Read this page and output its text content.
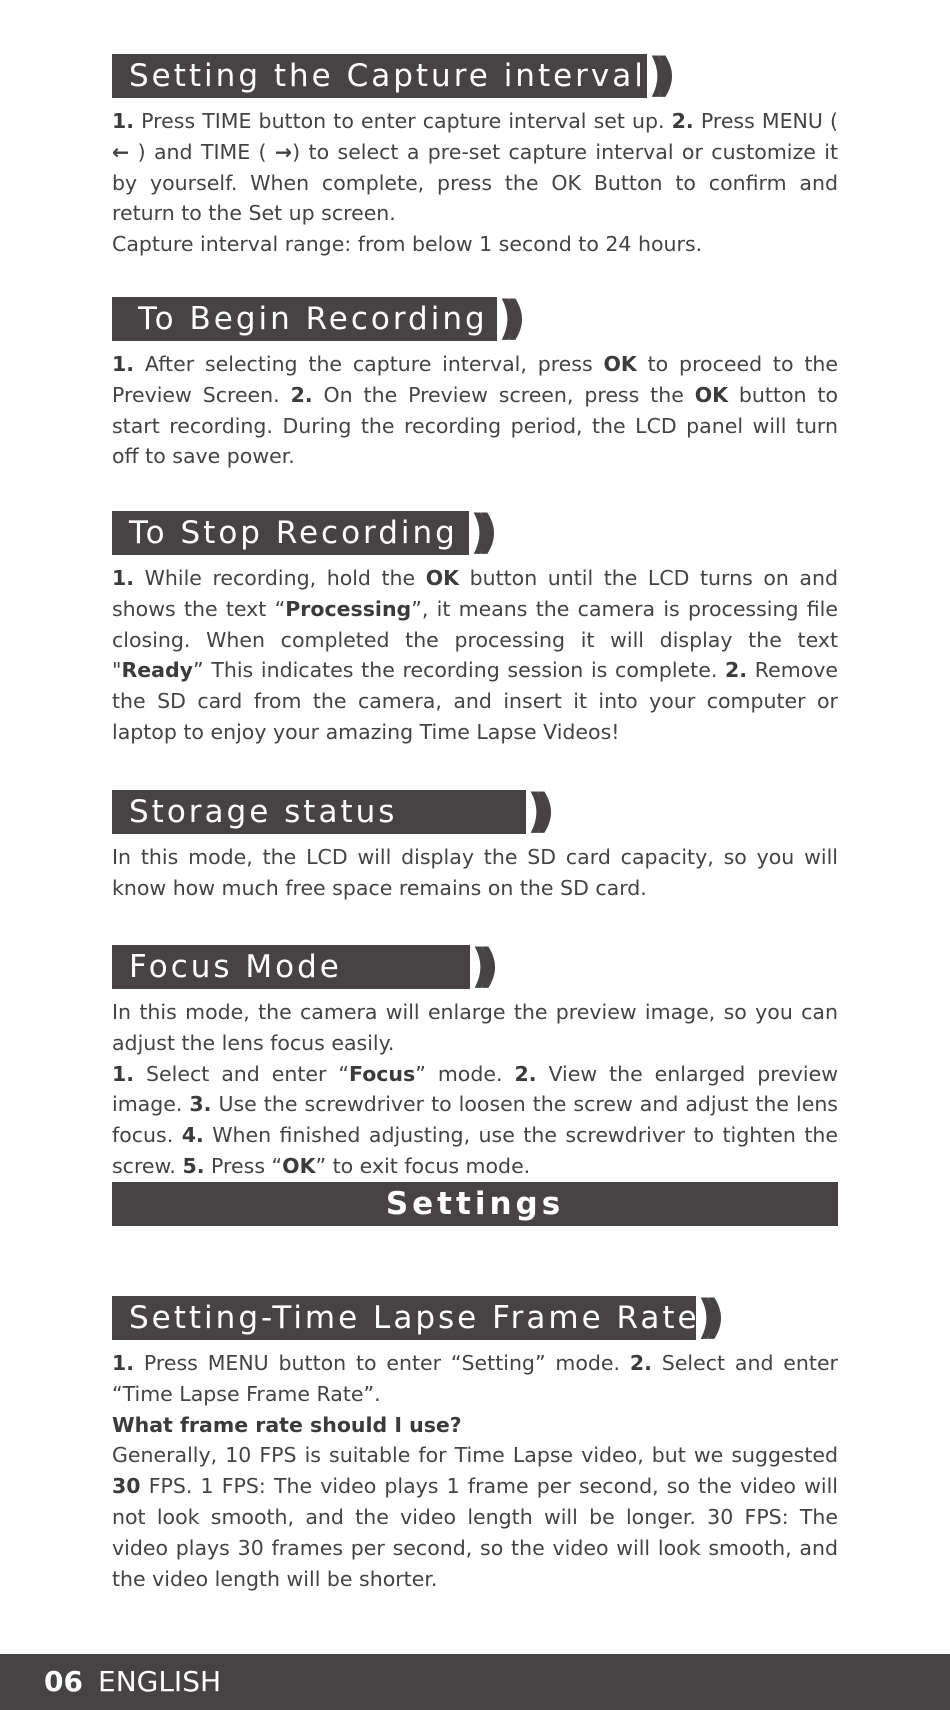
Setting the Capture interval ))

1. Press TIME button to enter capture interval set up. 2. Press MENU ( ← ) and TIME ( →) to select a pre-set capture interval or customize it by yourself. When complete, press the OK Button to confirm and return to the Set up screen.

Capture interval range: from below 1 second to 24 hours.

To Begin Recording ))

1. After selecting the capture interval, press OK to proceed to the Preview Screen. 2. On the Preview screen, press the OK button to start recording. During the recording period, the LCD panel will turn off to save power.

To Stop Recording ))

1. While recording, hold the OK button until the LCD turns on and shows the text “Processing”, it means the camera is processing file closing. When completed the processing it will display the text "Ready” This indicates the recording session is complete. 2. Remove the SD card from the camera, and insert it into your computer or laptop to enjoy your amazing Time Lapse Videos!

Storage status	))

In this mode, the LCD will display the SD card capacity, so you will know how much free space remains on the SD card.

Focus Mode	))

In this mode, the camera will enlarge the preview image, so you can adjust the lens focus easily.

1. Select and enter “Focus” mode. 2. View the enlarged preview image. 3. Use the screwdriver to loosen the screw and adjust the lens focus. 4. When finished adjusting, use the screwdriver to tighten the screw. 5. Press “OK” to exit focus mode.

Settings
Setting-Time Lapse Frame Rate
))

1. Press MENU button to enter “Setting” mode. 2. Select and enter “Time Lapse Frame Rate”.

What frame rate should I use?

Generally, 10 FPS is suitable for Time Lapse video, but we suggested 30 FPS. 1 FPS: The video plays 1 frame per second, so the video will not look smooth, and the video length will be longer. 30 FPS: The video plays 30 frames per second, so the video will look smooth, and the video length will be shorter.

06 ENGLISH
